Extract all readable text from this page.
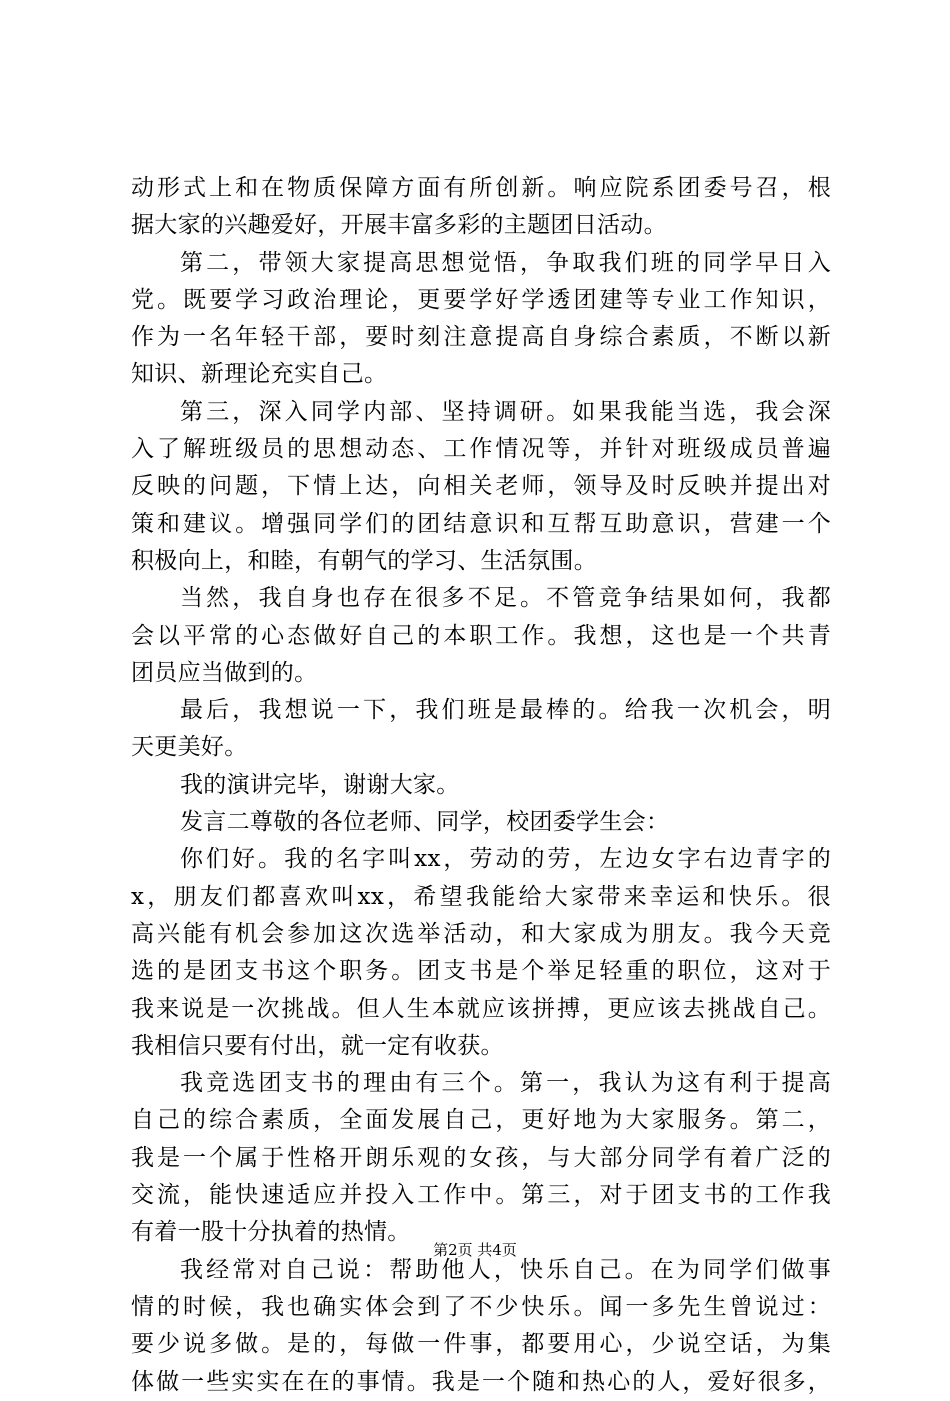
动形式上和在物质保障方面有所创新。响应院系团委号召，根
据大家的兴趣爱好，开展丰富多彩的主题团日活动。
第二，带领大家提高思想觉悟，争取我们班的同学早日入
党。既要学习政治理论，更要学好学透团建等专业工作知识，
作为一名年轻干部，要时刻注意提高自身综合素质，不断以新
知识、新理论充实自己。
第三，深入同学内部、坚持调研。如果我能当选，我会深
入了解班级员的思想动态、工作情况等，并针对班级成员普遍
反映的问题，下情上达，向相关老师，领导及时反映并提出对
策和建议。增强同学们的团结意识和互帮互助意识，营建一个
积极向上，和睦，有朝气的学习、生活氛围。
当然，我自身也存在很多不足。不管竞争结果如何，我都
会以平常的心态做好自己的本职工作。我想，这也是一个共青
团员应当做到的。
最后，我想说一下，我们班是最棒的。给我一次机会，明
天更美好。
我的演讲完毕，谢谢大家。
发言二尊敬的各位老师、同学，校团委学生会：
你们好。我的名字叫xx，劳动的劳，左边女字右边青字的
x，朋友们都喜欢叫xx，希望我能给大家带来幸运和快乐。很
高兴能有机会参加这次选举活动，和大家成为朋友。我今天竞
选的是团支书这个职务。团支书是个举足轻重的职位，这对于
我来说是一次挑战。但人生本就应该拼搏，更应该去挑战自己。
我相信只要有付出，就一定有收获。
我竞选团支书的理由有三个。第一，我认为这有利于提高
自己的综合素质，全面发展自己，更好地为大家服务。第二，
我是一个属于性格开朗乐观的女孩，与大部分同学有着广泛的
交流，能快速适应并投入工作中。第三，对于团支书的工作我
有着一股十分执着的热情。
我经常对自己说：帮助他人，快乐自己。在为同学们做事
情的时候，我也确实体会到了不少快乐。闻一多先生曾说过：
要少说多做。是的，每做一件事，都要用心，少说空话，为集
体做一些实实在在的事情。我是一个随和热心的人，爱好很多，
第2页 共4页
